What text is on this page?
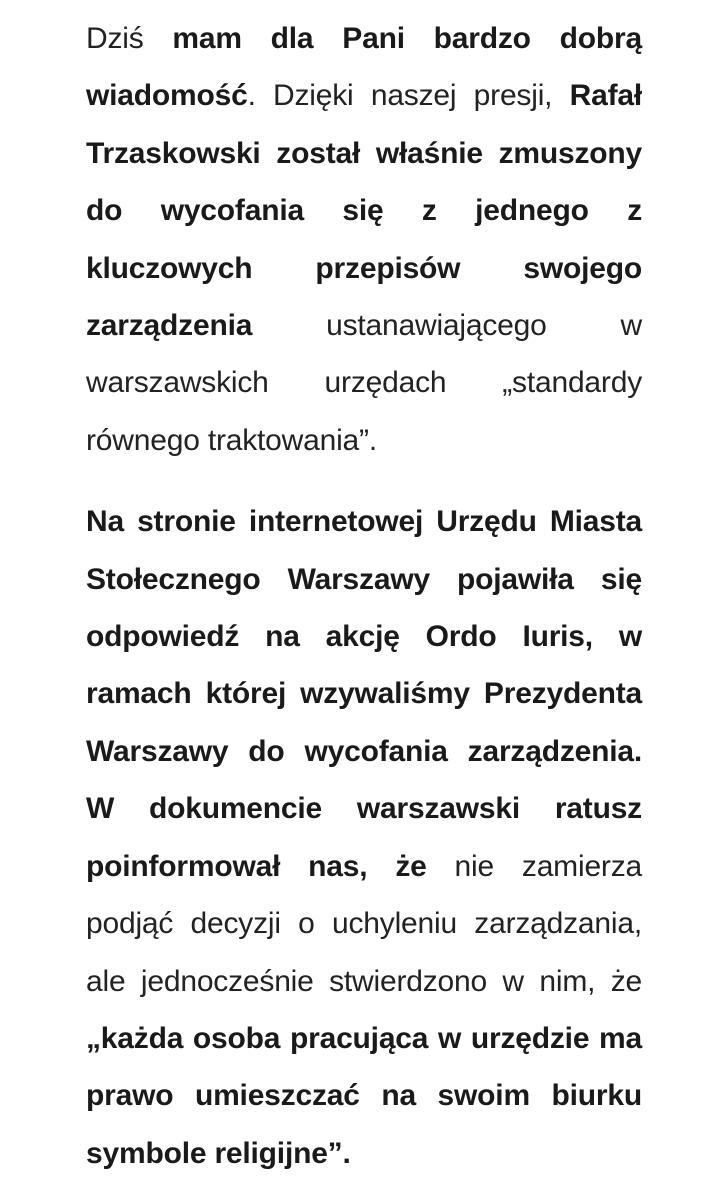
Dziś mam dla Pani bardzo dobrą wiadomość. Dzięki naszej presji, Rafał Trzaskowski został właśnie zmuszony do wycofania się z jednego z kluczowych przepisów swojego zarządzenia ustanawiającego w warszawskich urzędach „standardy równego traktowania”.

Na stronie internetowej Urzędu Miasta Stołecznego Warszawy pojawiła się odpowiedź na akcję Ordo Iuris, w ramach której wzywaliśmy Prezydenta Warszawy do wycofania zarządzenia. W dokumencie warszawski ratusz poinformował nas, że nie zamierza podjąć decyzji o uchyleniu zarządzania, ale jednocześnie stwierdzono w nim, że „każda osoba pracująca w urzędzie ma prawo umieszczać na swoim biurku symbole religijne”.
